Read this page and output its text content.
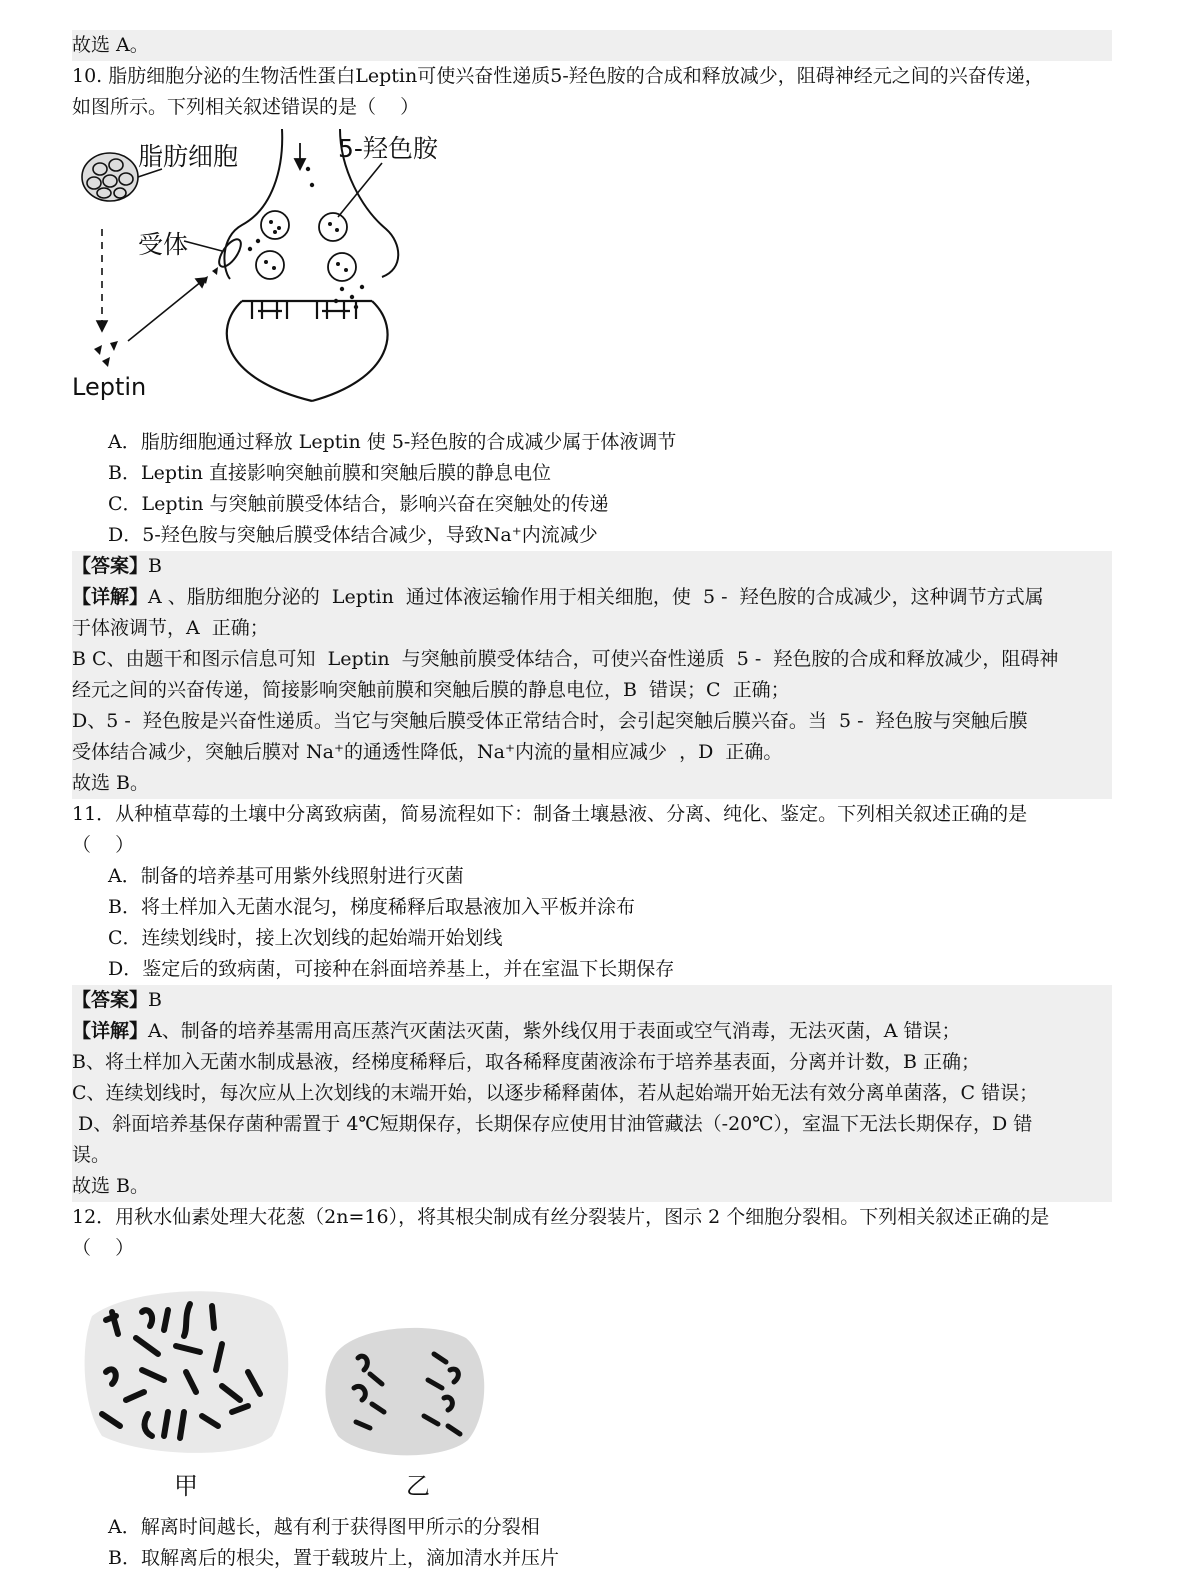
故选 A。
10. 脂肪细胞分泌的生物活性蛋白Leptin可使兴奋性递质5-羟色胺的合成和释放减少，阻碍神经元之间的兴奋传递，
如图所示。下列相关叙述错误的是（    ）
脂肪细胞	5-羟色胺
受体
Leptin
A．脂肪细胞通过释放 Leptin 使 5-羟色胺的合成减少属于体液调节
B．Leptin 直接影响突触前膜和突触后膜的静息电位
C．Leptin 与突触前膜受体结合，影响兴奋在突触处的传递
D．5-羟色胺与突触后膜受体结合减少，导致Na⁺内流减少
【答案】B
【详解】A 、脂肪细胞分泌的  Leptin  通过体液运输作用于相关细胞，使  5 -  羟色胺的合成减少，这种调节方式属
于体液调节，A  正确；
B C、由题干和图示信息可知  Leptin  与突触前膜受体结合，可使兴奋性递质  5 -  羟色胺的合成和释放减少，阻碍神
经元之间的兴奋传递，简接影响突触前膜和突触后膜的静息电位，B  错误；C  正确；
D、5 -  羟色胺是兴奋性递质。当它与突触后膜受体正常结合时，会引起突触后膜兴奋。当  5 -  羟色胺与突触后膜
受体结合减少，突触后膜对 Na⁺的通透性降低，Na⁺内流的量相应减少  ，D  正确。
故选 B。
11．从种植草莓的土壤中分离致病菌，简易流程如下：制备土壤悬液、分离、纯化、鉴定。下列相关叙述正确的是
（    ）
A．制备的培养基可用紫外线照射进行灭菌
B．将土样加入无菌水混匀，梯度稀释后取悬液加入平板并涂布
C．连续划线时，接上次划线的起始端开始划线
D．鉴定后的致病菌，可接种在斜面培养基上，并在室温下长期保存
【答案】B
【详解】A、制备的培养基需用高压蒸汽灭菌法灭菌，紫外线仅用于表面或空气消毒，无法灭菌，A 错误；
B、将土样加入无菌水制成悬液，经梯度稀释后，取各稀释度菌液涂布于培养基表面，分离并计数，B 正确；
C、连续划线时，每次应从上次划线的末端开始，以逐步稀释菌体，若从起始端开始无法有效分离单菌落，C 错误；
D、斜面培养基保存菌种需置于 4℃短期保存，长期保存应使用甘油管藏法（-20℃），室温下无法长期保存，D 错
误。
故选 B。
12．用秋水仙素处理大花葱（2n=16），将其根尖制成有丝分裂装片，图示 2 个细胞分裂相。下列相关叙述正确的是
（    ）
甲	乙
A．解离时间越长，越有利于获得图甲所示的分裂相
B．取解离后的根尖，置于载玻片上，滴加清水并压片
